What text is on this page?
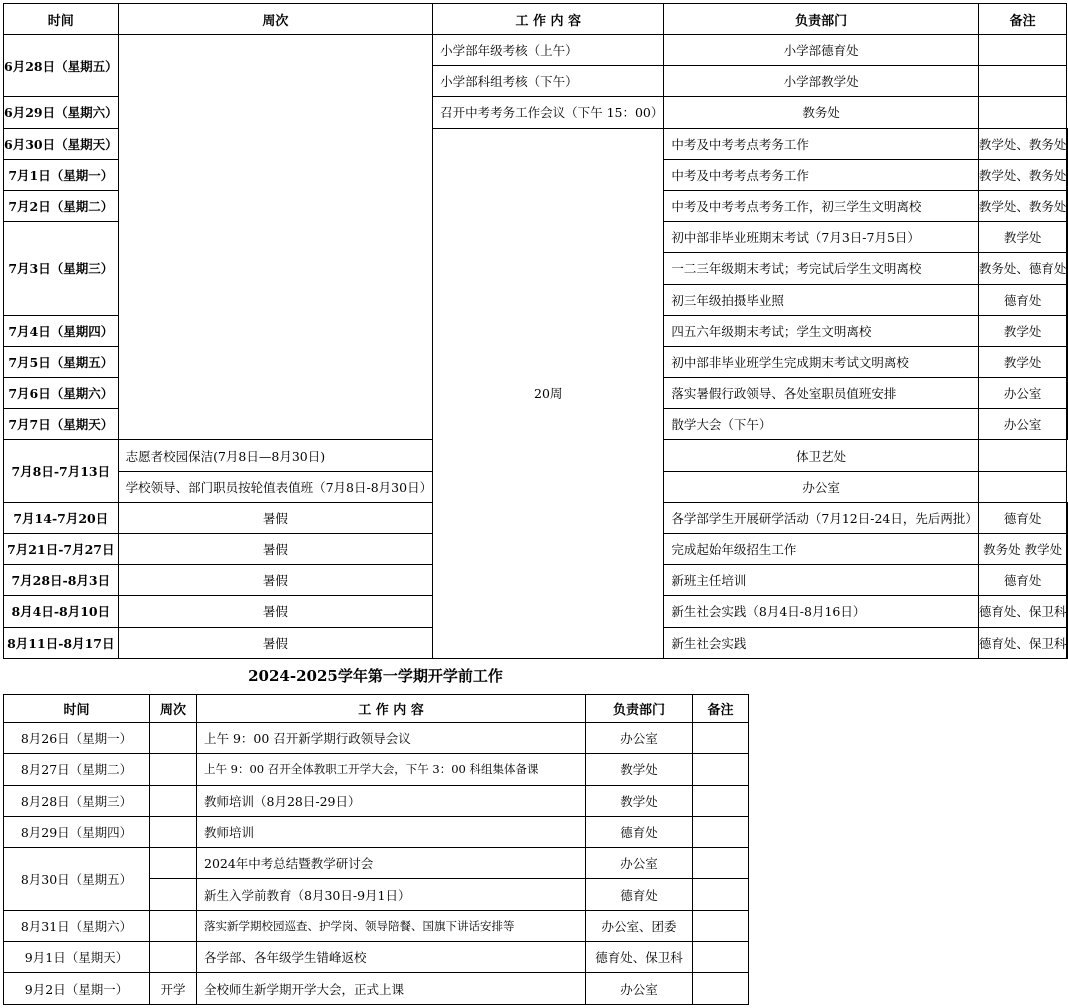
时间	周次	工 作 内 容	负责部门	备注	
6月28日（星期五）		小学部年级考核（上午）	小学部德育处		
		小学部科组考核（下午）	小学部教学处		
6月29日（星期六）		召开中考考务工作会议（下午 15：00）	教务处		
6月30日（星期天）		20周	中考及中考考点考务工作	教学处、教务处	
7月1日（星期一）			中考及中考考点考务工作	教学处、教务处	
7月2日（星期二）			中考及中考考点考务工作，初三学生文明离校	教学处、教务处	
7月3日（星期三）			初中部非毕业班期末考试（7月3日-7月5日）	教学处	
			一二三年级期末考试；考完试后学生文明离校	教务处、德育处	
			初三年级拍摄毕业照	德育处	
7月4日（星期四）			四五六年级期末考试；学生文明离校	教学处	
7月5日（星期五）			初中部非毕业班学生完成期末考试文明离校	教学处	
7月6日（星期六）			落实暑假行政领导、各处室职员值班安排	办公室	
7月7日（星期天）			散学大会（下午）	办公室	
7月8日-7月13日	志愿者校园保洁(7月8日—8月30日)		体卫艺处		
	学校领导、部门职员按轮值表值班（7月8日-8月30日）		办公室		
7月14-7月20日	暑假		各学部学生开展研学活动（7月12日-24日，先后两批）	德育处	
7月21日-7月27日	暑假		完成起始年级招生工作	教务处 教学处	
7月28日-8月3日	暑假		新班主任培训	德育处	
8月4日-8月10日	暑假		新生社会实践（8月4日-8月16日）	德育处、保卫科	
8月11日-8月17日	暑假		新生社会实践	德育处、保卫科	
2024-2025学年第一学期开学前工作
时间	周次	工 作 内 容	负责部门	备注
8月26日（星期一）		上午 9：00 召开新学期行政领导会议	办公室	
8月27日（星期二）		上午 9：00 召开全体教职工开学大会，下午 3：00 科组集体备课	教学处	
8月28日（星期三）		教师培训（8月28日-29日）	教学处	
8月29日（星期四）		教师培训	德育处	
8月30日（星期五）		2024年中考总结暨教学研讨会	办公室	
		新生入学前教育（8月30日-9月1日）	德育处	
8月31日（星期六）		落实新学期校园巡查、护学岗、领导陪餐、国旗下讲话安排等	办公室、团委	
9月1日（星期天）		各学部、各年级学生错峰返校	德育处、保卫科	
9月2日（星期一）	开学	全校师生新学期开学大会，正式上课	办公室	
